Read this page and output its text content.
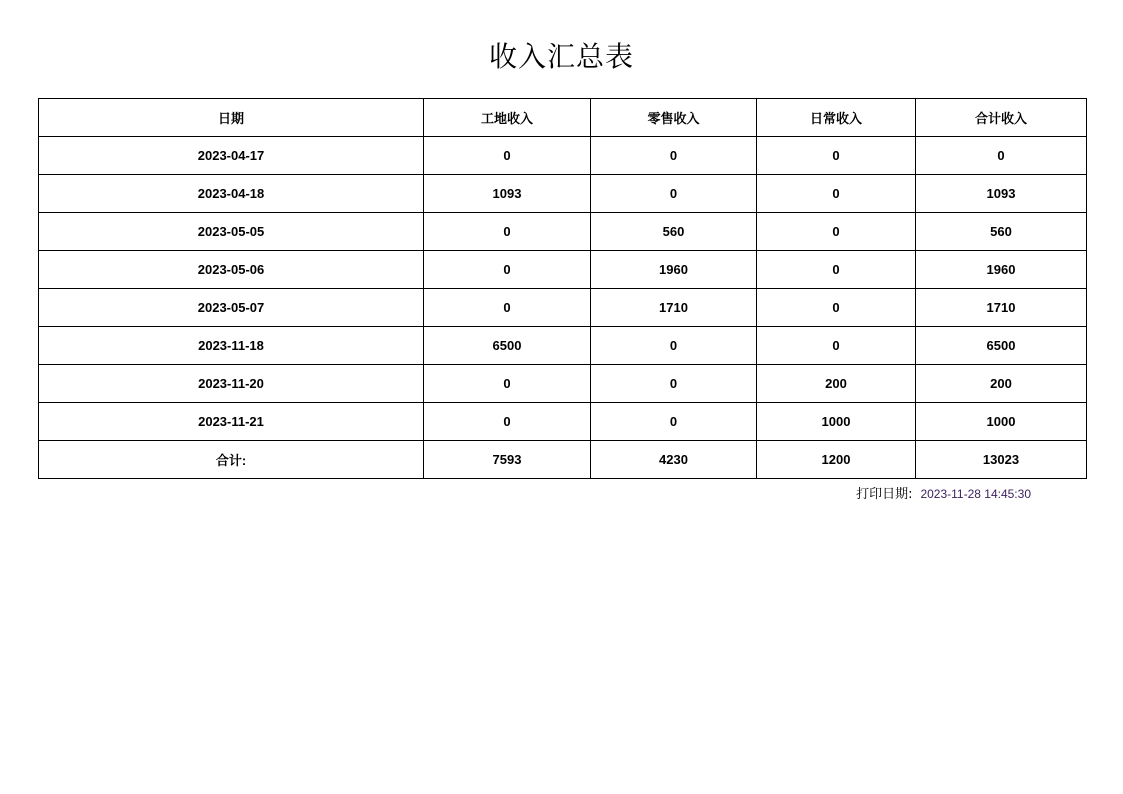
收入汇总表
日期	工地收入	零售收入	日常收入	合计收入
2023-04-17	0	0	0	0
2023-04-18	1093	0	0	1093
2023-05-05	0	560	0	560
2023-05-06	0	1960	0	1960
2023-05-07	0	1710	0	1710
2023-11-18	6500	0	0	6500
2023-11-20	0	0	200	200
2023-11-21	0	0	1000	1000
合计:	7593	4230	1200	13023
打印日期: 2023-11-28 14:45:30
